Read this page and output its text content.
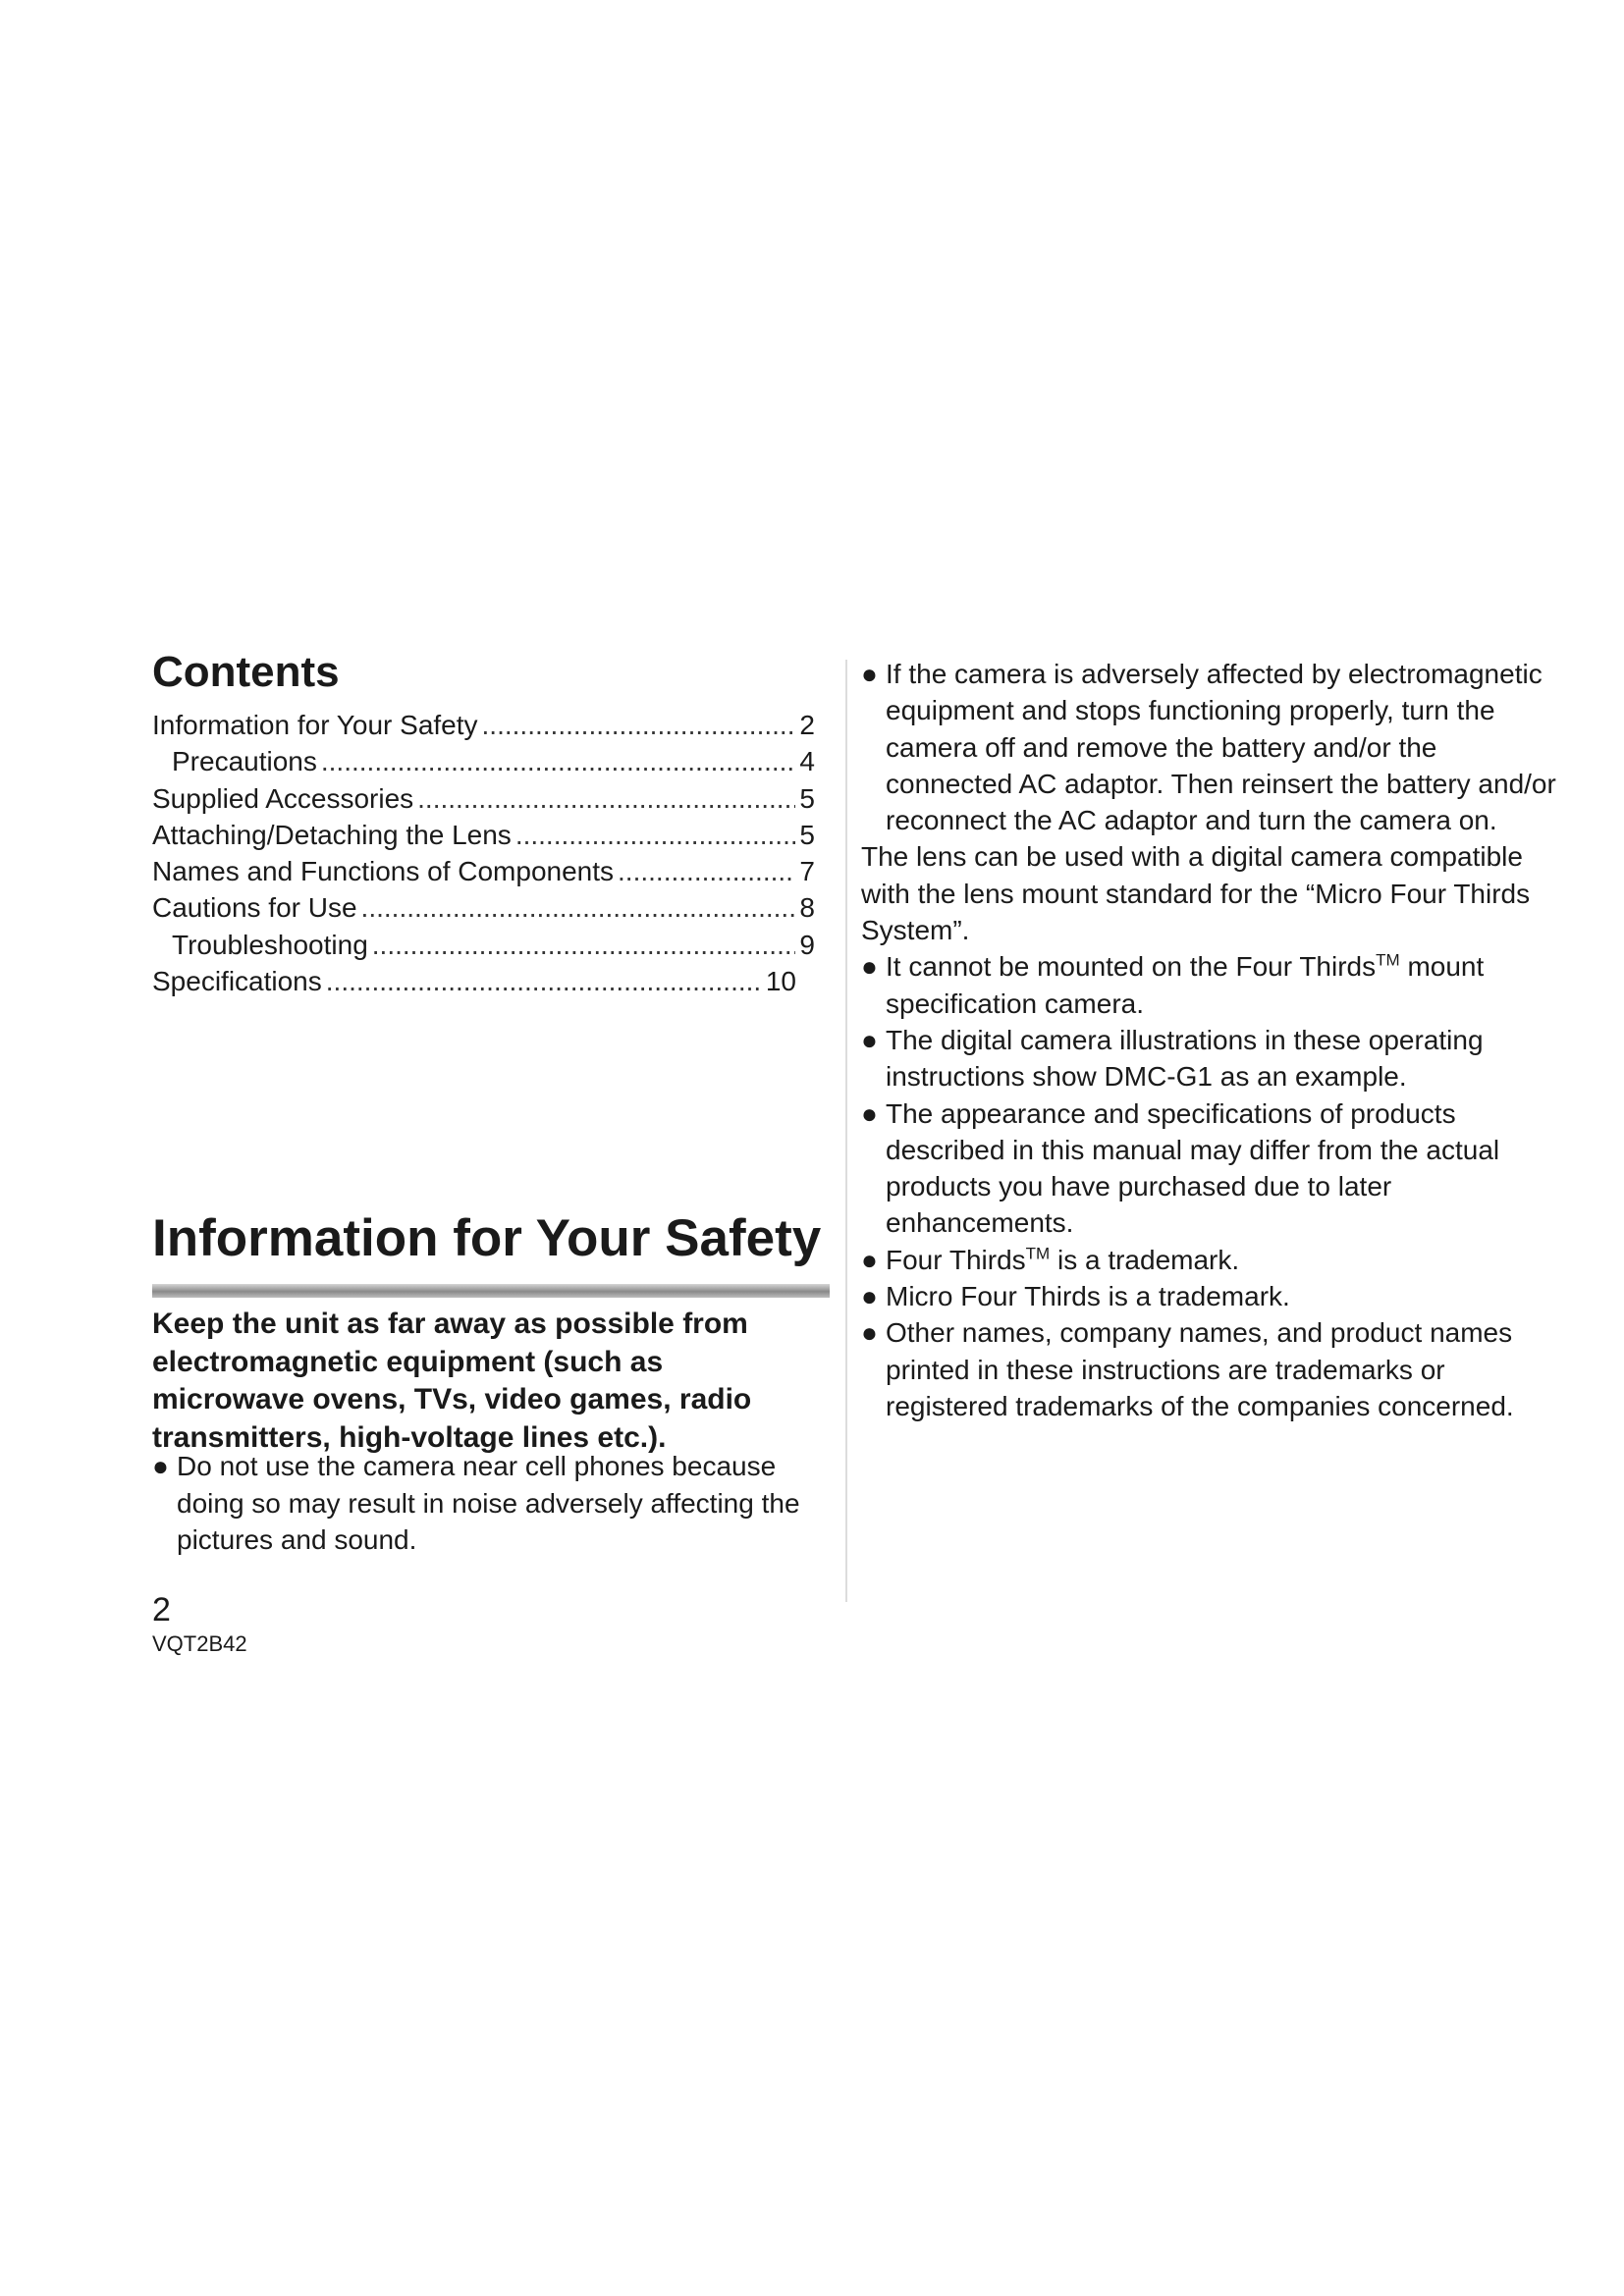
Contents
Information for Your Safety .....	2
Precautions .....	4
Supplied Accessories .....	5
Attaching/Detaching the Lens .....	5
Names and Functions of Components .....	7
Cautions for Use .....	8
Troubleshooting .....	9
Specifications .....	10
Information for Your Safety

Keep the unit as far away as possible from electromagnetic equipment (such as microwave ovens, TVs, video games, radio transmitters, high-voltage lines etc.).

● Do not use the camera near cell phones because doing so may result in noise adversely affecting the pictures and sound.

● If the camera is adversely affected by electromagnetic equipment and stops functioning properly, turn the camera off and remove the battery and/or the connected AC adaptor. Then reinsert the battery and/or reconnect the AC adaptor and turn the camera on.

The lens can be used with a digital camera compatible with the lens mount standard for the “Micro Four Thirds System”.

● It cannot be mounted on the Four Thirds™ mount specification camera.

● The digital camera illustrations in these operating instructions show DMC-G1 as an example.

● The appearance and specifications of products described in this manual may differ from the actual products you have purchased due to later enhancements.

● Four Thirds™ is a trademark.

● Micro Four Thirds is a trademark.

● Other names, company names, and product names printed in these instructions are trademarks or registered trademarks of the companies concerned.

2

VQT2B42
